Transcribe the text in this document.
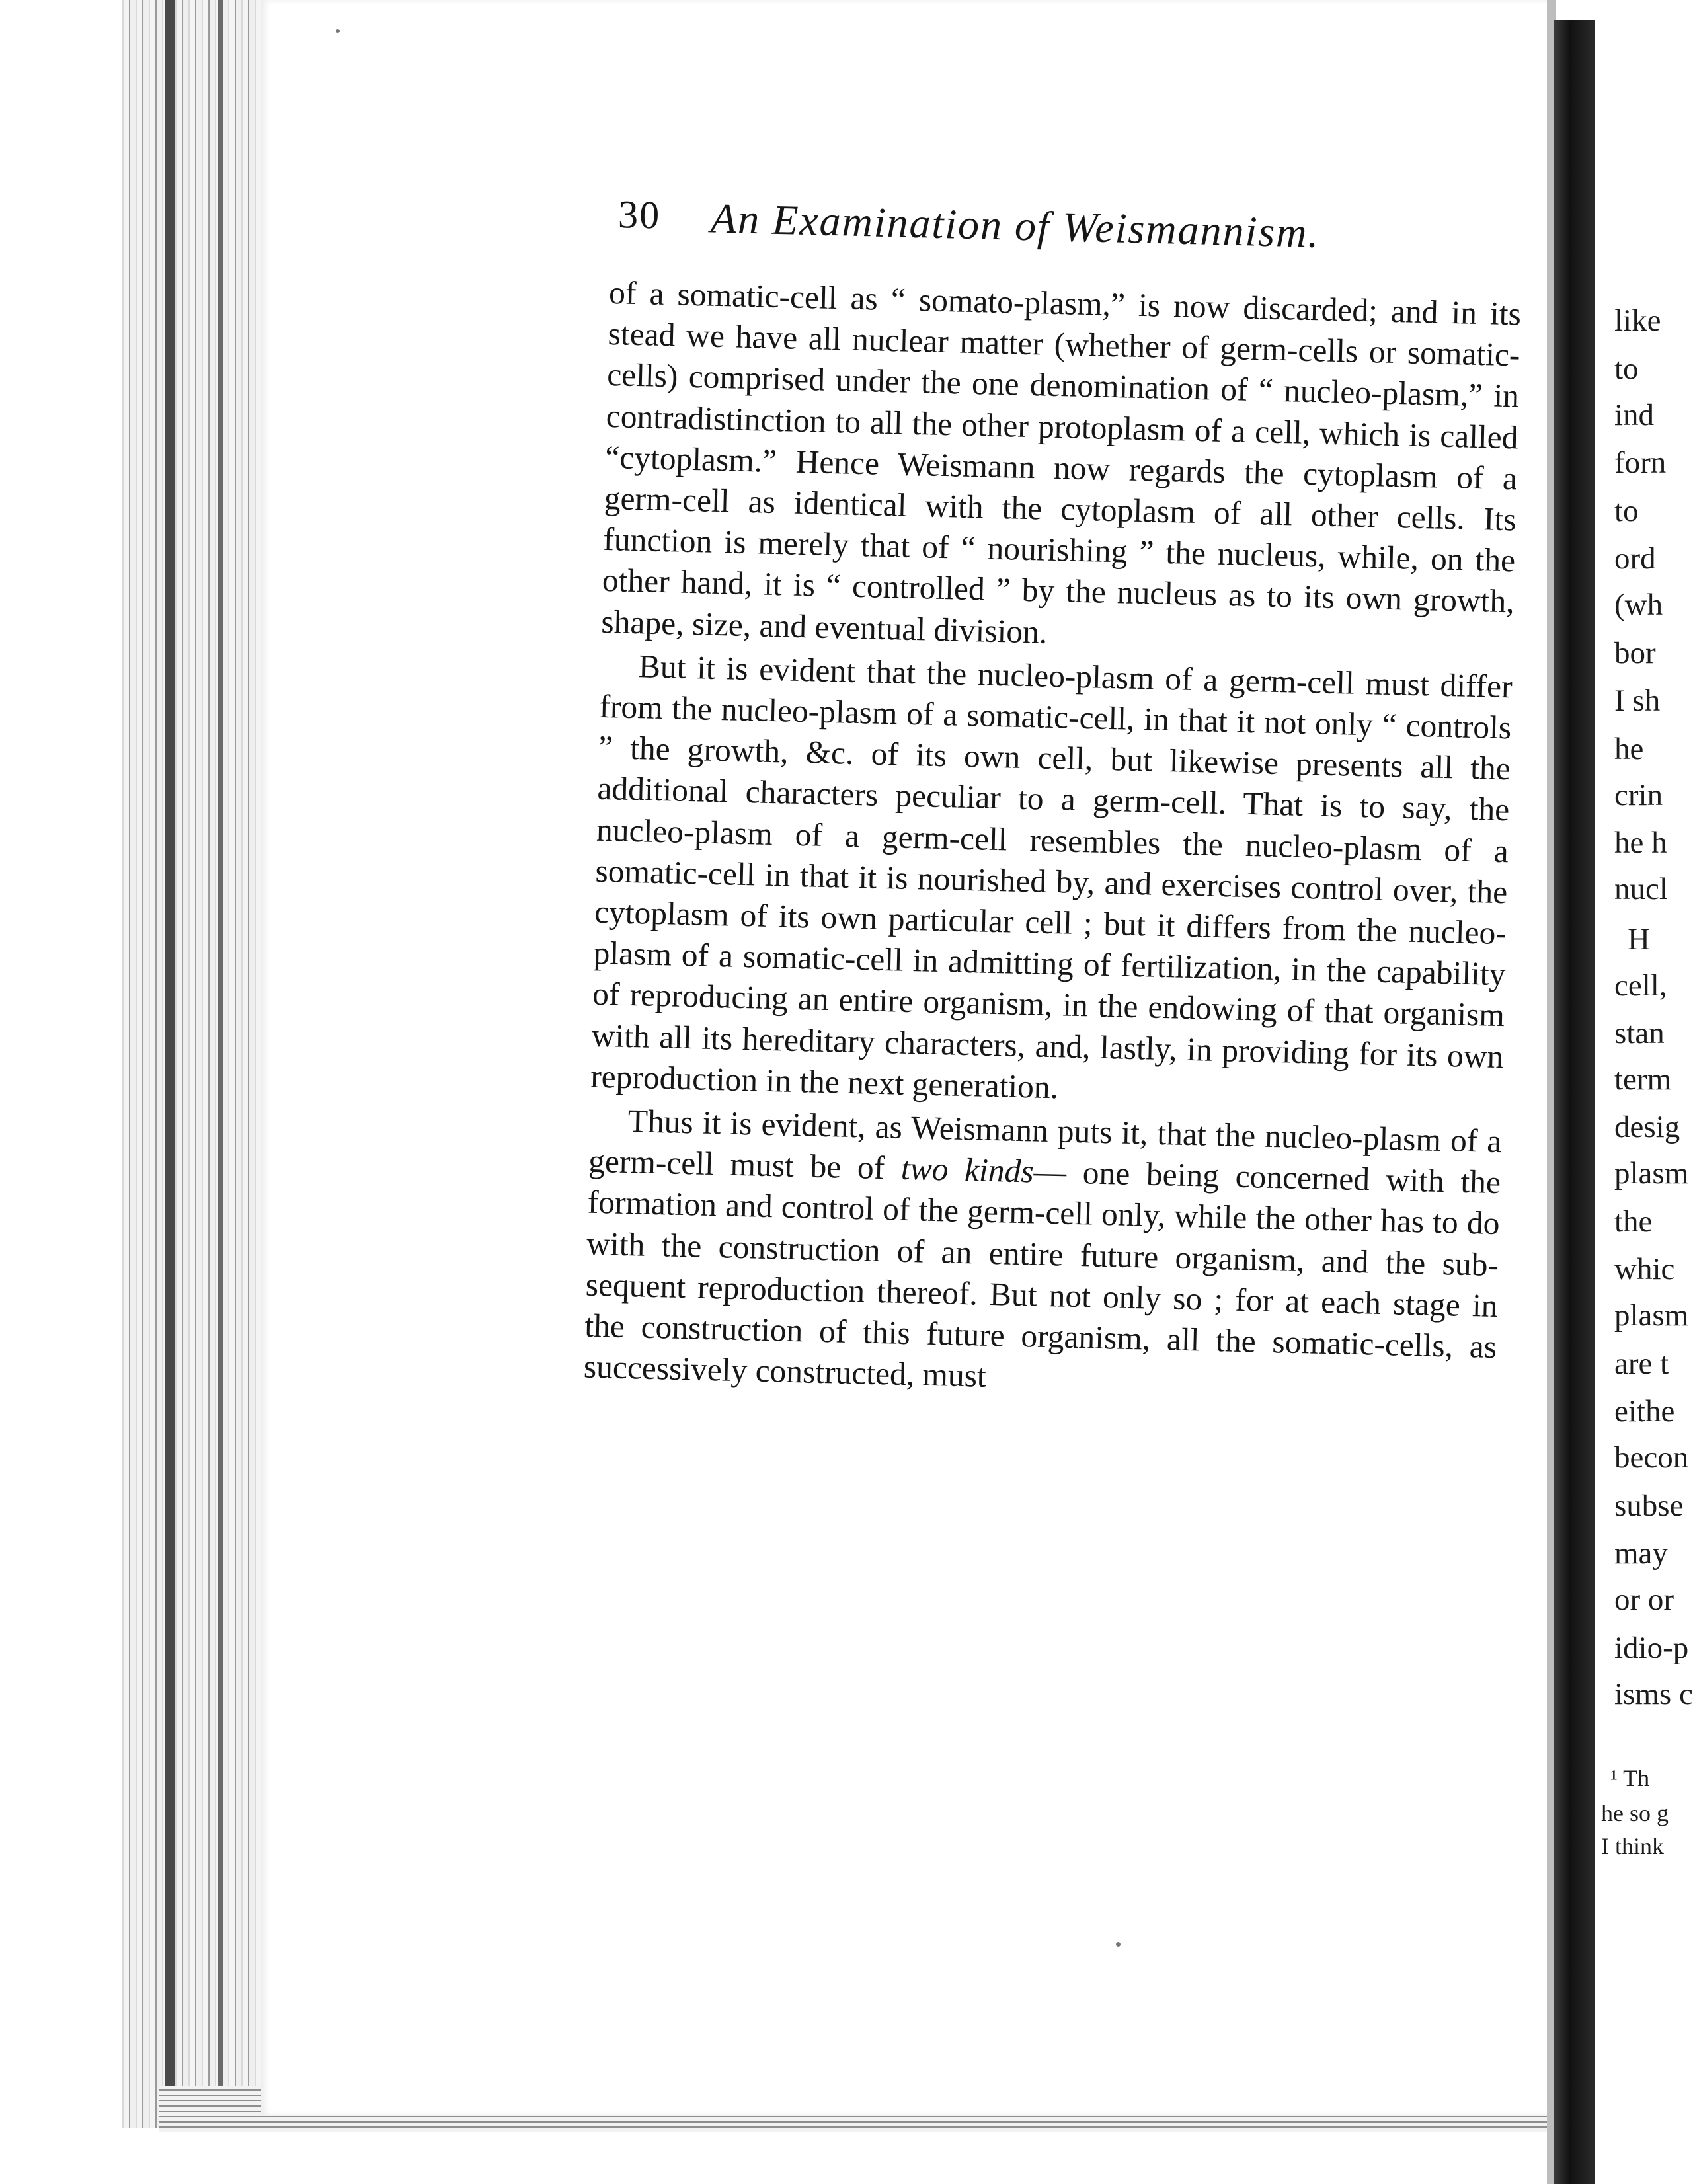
30 An Examination of Weismannism.

of a somatic-cell as “ somato-plasm,” is now discarded; and in its stead we have all nuclear matter (whether of germ-cells or somatic-cells) comprised under the one denomination of “ nucleo-plasm,” in contradistinction to all the other protoplasm of a cell, which is called “cytoplasm.” Hence Weismann now regards the cytoplasm of a germ-cell as identical with the cytoplasm of all other cells. Its function is merely that of “ nourishing ” the nucleus, while, on the other hand, it is “ controlled ” by the nucleus as to its own growth, shape, size, and eventual division.

But it is evident that the nucleo-plasm of a germ-cell must differ from the nucleo-plasm of a somatic-cell, in that it not only “ controls ” the growth, &c. of its own cell, but likewise presents all the additional characters peculiar to a germ-cell. That is to say, the nucleo-plasm of a germ-cell resembles the nucleo-plasm of a somatic-cell in that it is nourished by, and exercises control over, the cytoplasm of its own particular cell ; but it differs from the nucleo-plasm of a somatic-cell in admitting of fertilization, in the capability of reproducing an entire organism, in the endowing of that organism with all its hereditary characters, and, lastly, in providing for its own reproduction in the next generation.

Thus it is evident, as Weismann puts it, that the nucleo-plasm of a germ-cell must be of two kinds— one being concerned with the formation and control of the germ-cell only, while the other has to do with the construction of an entire future organism, and the sub-sequent reproduction thereof. But not only so ; for at each stage in the construction of this future organism, all the somatic-cells, as successively constructed, must

like
to
ind
forn
to
ord
(wh
bor
I sh
he
crin
he h
nucl
H
cell,
stan
term
desig
plasm
the
whic
plasm
are t
eithe
becon
subse
may
or or
idio-p
isms c
¹ Th
he so g
I think
